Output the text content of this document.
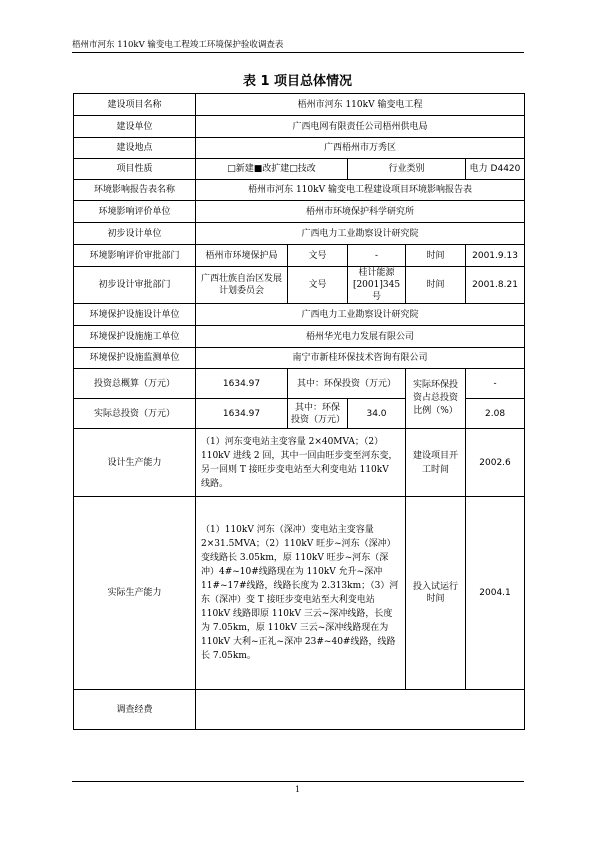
梧州市河东 110kV 输变电工程竣工环境保护验收调查表
表 1 项目总体情况
建设项目名称	梧州市河东 110kV 输变电工程				
建设单位	广西电网有限责任公司梧州供电局				
建设地点	广西梧州市万秀区				
项目性质	□新建■改扩建□技改		行业类别		电力 D4420
环境影响报告表名称	梧州市河东 110kV 输变电工程建设项目环境影响报告表				
环境影响评价单位	梧州市环境保护科学研究所				
初步设计单位	广西电力工业勘察设计研究院				
环境影响评价审批部门	梧州市环境保护局	文号	-	时间	2001.9.13
初步设计审批部门	广西壮族自治区发展计划委员会	文号	桂计能源[2001]345 号	时间	2001.8.21
环境保护设施设计单位	广西电力工业勘察设计研究院				
环境保护设施施工单位	梧州华光电力发展有限公司				
环境保护设施监测单位	南宁市新桂环保技术咨询有限公司				
投资总概算（万元）	1634.97	其中：环保投资（万元）		实际环保投资占总投资比例（%）	-
实际总投资（万元）	1634.97	其中：环保投资（万元）	34.0		2.08
设计生产能力	（1）河东变电站主变容量 2×40MVA；（2）110kV 进线 2 回，其中一回由旺步变至河东变，另一回则 T 接旺步变电站至大利变电站 110kV 线路。			建设项目开工时间	2002.6
实际生产能力	（1）110kV 河东（深冲）变电站主变容量 2×31.5MVA；（2）110kV 旺步~河东（深冲）变线路长 3.05km，原 110kV 旺步~河东（深冲）4#~10#线路现在为 110kV 允升~深冲 11#~17#线路，线路长度为 2.313km；（3）河东（深冲）变 T 接旺步变电站至大利变电站 110kV 线路即原 110kV 三云~深冲线路，长度为 7.05km，原 110kV 三云~深冲线路现在为 110kV 大利~正礼~深冲 23#~40#线路，线路长 7.05km。			投入试运行时间	2004.1
调查经费					
1
